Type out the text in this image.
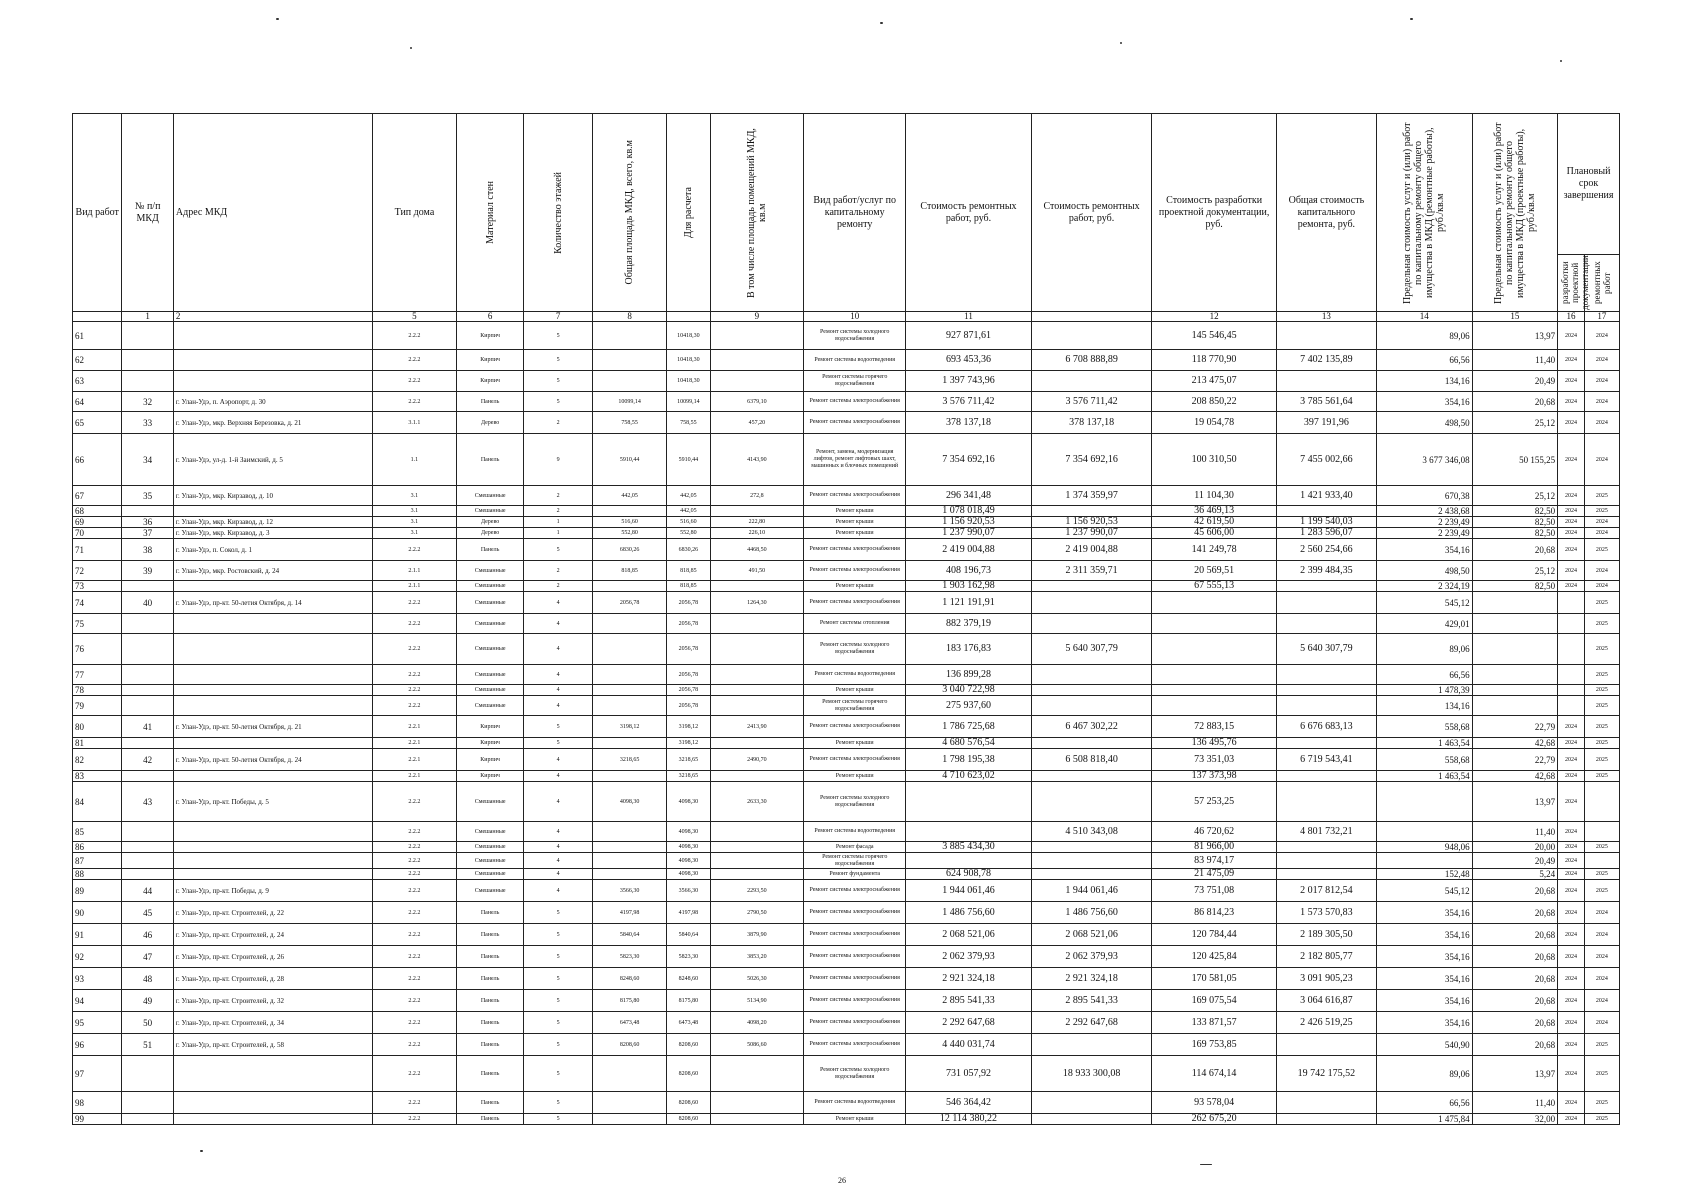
Вид работ	№ п/п МКД	Адрес МКД	Тип дома	Материал стен	Количество этажей	Общая площадь МКД, всего, кв.м	Для расчета	В том числе площадь помещений МКД, кв.м	Вид работ/услуг по капитальному ремонту	Стоимость ремонтных работ, руб.	Стоимость ремонтных работ, руб.	Стоимость разработки проектной документации, руб.	Общая стоимость капитального ремонта, руб.	Предельная стоимость услуг и (или) работ по капитальному ремонту общего имущества в МКД (ремонтные работы), руб./кв.м	Предельная стоимость услуг и (или) работ по капитальному ремонту общего имущества в МКД (проектные работы), руб./кв.м	Плановый срок завершения	

																разработки проектной документации	ремонтных работ

	1	2	5	6	7	8		9	10	11		12	13	14	15	16	17
61			2.2.2	Кирпич	5		10418,30		Ремонт системы холодного водоснабжения	927 871,61		145 546,45		89,06	13,97	2024	2024
62			2.2.2	Кирпич	5		10418,30		Ремонт системы водоотведения	693 453,36	6 708 888,89	118 770,90	7 402 135,89	66,56	11,40	2024	2024
63			2.2.2	Кирпич	5		10418,30		Ремонт системы горячего водоснабжения	1 397 743,96		213 475,07		134,16	20,49	2024	2024
64	32	г. Улан-Удэ, п. Аэропорт, д. 30	2.2.2	Панель	5	10099,14	10099,14	6379,10	Ремонт системы электроснабжения	3 576 711,42	3 576 711,42	208 850,22	3 785 561,64	354,16	20,68	2024	2024
65	33	г. Улан-Удэ, мкр. Верхняя Березовка, д. 21	3.1.1	Дерево	2	758,55	758,55	457,20	Ремонт системы электроснабжения	378 137,18	378 137,18	19 054,78	397 191,96	498,50	25,12	2024	2024
66	34	г. Улан-Удэ, ул-д. 1-й Заимский, д. 5	1.1	Панель	9	5910,44	5910,44	4143,90	Ремонт, замена, модернизация лифтов, ремонт лифтовых шахт, машинных и блочных помещений	7 354 692,16	7 354 692,16	100 310,50	7 455 002,66	3 677 346,08	50 155,25	2024	2024
67	35	г. Улан-Удэ, мкр. Кирзавод, д. 10	3.1	Смешанные	2	442,05	442,05	272,8	Ремонт системы электроснабжения	296 341,48	1 374 359,97	11 104,30	1 421 933,40	670,38	25,12	2024	2025
68			3.1	Смешанные	2		442,05		Ремонт крыши	1 078 018,49		36 469,13		2 438,68	82,50	2024	2025
69	36	г. Улан-Удэ, мкр. Кирзавод, д. 12	3.1	Дерево	1	516,60	516,60	222,80	Ремонт крыши	1 156 920,53	1 156 920,53	42 619,50	1 199 540,03	2 239,49	82,50	2024	2024
70	37	г. Улан-Удэ, мкр. Кирзавод, д. 3	3.1	Дерево	1	552,80	552,80	226,10	Ремонт крыши	1 237 990,07	1 237 990,07	45 606,00	1 283 596,07	2 239,49	82,50	2024	2024
71	38	г. Улан-Удэ, п. Сокол, д. 1	2.2.2	Панель	5	6830,26	6830,26	4468,50	Ремонт системы электроснабжения	2 419 004,88	2 419 004,88	141 249,78	2 560 254,66	354,16	20,68	2024	2025
72	39	г. Улан-Удэ, мкр. Ростовский, д. 24	2.1.1	Смешанные	2	818,85	818,85	491,50	Ремонт системы электроснабжения	408 196,73	2 311 359,71	20 569,51	2 399 484,35	498,50	25,12	2024	2024
73			2.1.1	Смешанные	2		818,85		Ремонт крыши	1 903 162,98		67 555,13		2 324,19	82,50	2024	2024
74	40	г. Улан-Удэ, пр-кт. 50-летия Октября, д. 14	2.2.2	Смешанные	4	2056,78	2056,78	1264,30	Ремонт системы электроснабжения	1 121 191,91				545,12			2025
75			2.2.2	Смешанные	4		2056,78		Ремонт системы отопления	882 379,19				429,01			2025
76			2.2.2	Смешанные	4		2056,78		Ремонт системы холодного водоснабжения	183 176,83	5 640 307,79		5 640 307,79	89,06			2025
77			2.2.2	Смешанные	4		2056,78		Ремонт системы водоотведения	136 899,28				66,56			2025
78			2.2.2	Смешанные	4		2056,78		Ремонт крыши	3 040 722,98				1 478,39			2025
79			2.2.2	Смешанные	4		2056,78		Ремонт системы горячего водоснабжения	275 937,60				134,16			2025
80	41	г. Улан-Удэ, пр-кт. 50-летия Октября, д. 21	2.2.1	Кирпич	5	3198,12	3198,12	2413,90	Ремонт системы электроснабжения	1 786 725,68	6 467 302,22	72 883,15	6 676 683,13	558,68	22,79	2024	2025
81			2.2.1	Кирпич	5		3198,12		Ремонт крыши	4 680 576,54		136 495,76		1 463,54	42,68	2024	2025
82	42	г. Улан-Удэ, пр-кт. 50-летия Октября, д. 24	2.2.1	Кирпич	4	3218,65	3218,65	2490,70	Ремонт системы электроснабжения	1 798 195,38	6 508 818,40	73 351,03	6 719 543,41	558,68	22,79	2024	2025
83			2.2.1	Кирпич	4		3218,65		Ремонт крыши	4 710 623,02		137 373,98		1 463,54	42,68	2024	2025
84	43	г. Улан-Удэ, пр-кт. Победы, д. 5	2.2.2	Смешанные	4	4098,30	4098,30	2633,30	Ремонт системы холодного водоснабжения			57 253,25			13,97	2024	
85			2.2.2	Смешанные	4		4098,30		Ремонт системы водоотведения		4 510 343,08	46 720,62	4 801 732,21		11,40	2024	
86			2.2.2	Смешанные	4		4098,30		Ремонт фасада	3 885 434,30		81 966,00		948,06	20,00	2024	2025
87			2.2.2	Смешанные	4		4098,30		Ремонт системы горячего водоснабжения			83 974,17			20,49	2024	
88			2.2.2	Смешанные	4		4098,30		Ремонт фундамента	624 908,78		21 475,09		152,48	5,24	2024	2025
89	44	г. Улан-Удэ, пр-кт. Победы, д. 9	2.2.2	Смешанные	4	3566,30	3566,30	2293,50	Ремонт системы электроснабжения	1 944 061,46	1 944 061,46	73 751,08	2 017 812,54	545,12	20,68	2024	2025
90	45	г. Улан-Удэ, пр-кт. Строителей, д. 22	2.2.2	Панель	5	4197,98	4197,98	2790,50	Ремонт системы электроснабжения	1 486 756,60	1 486 756,60	86 814,23	1 573 570,83	354,16	20,68	2024	2024
91	46	г. Улан-Удэ, пр-кт. Строителей, д. 24	2.2.2	Панель	5	5840,64	5840,64	3879,90	Ремонт системы электроснабжения	2 068 521,06	2 068 521,06	120 784,44	2 189 305,50	354,16	20,68	2024	2024
92	47	г. Улан-Удэ, пр-кт. Строителей, д. 26	2.2.2	Панель	5	5823,30	5823,30	3853,20	Ремонт системы электроснабжения	2 062 379,93	2 062 379,93	120 425,84	2 182 805,77	354,16	20,68	2024	2024
93	48	г. Улан-Удэ, пр-кт. Строителей, д. 28	2.2.2	Панель	5	8248,60	8248,60	5026,30	Ремонт системы электроснабжения	2 921 324,18	2 921 324,18	170 581,05	3 091 905,23	354,16	20,68	2024	2024
94	49	г. Улан-Удэ, пр-кт. Строителей, д. 32	2.2.2	Панель	5	8175,80	8175,80	5134,90	Ремонт системы электроснабжения	2 895 541,33	2 895 541,33	169 075,54	3 064 616,87	354,16	20,68	2024	2024
95	50	г. Улан-Удэ, пр-кт. Строителей, д. 34	2.2.2	Панель	5	6473,48	6473,48	4098,20	Ремонт системы электроснабжения	2 292 647,68	2 292 647,68	133 871,57	2 426 519,25	354,16	20,68	2024	2024
96	51	г. Улан-Удэ, пр-кт. Строителей, д. 58	2.2.2	Панель	5	8208,60	8208,60	5086,60	Ремонт системы электроснабжения	4 440 031,74		169 753,85		540,90	20,68	2024	2025
97			2.2.2	Панель	5		8208,60		Ремонт системы холодного водоснабжения	731 057,92	18 933 300,08	114 674,14	19 742 175,52	89,06	13,97	2024	2025
98			2.2.2	Панель	5		8208,60		Ремонт системы водоотведения	546 364,42		93 578,04		66,56	11,40	2024	2025
99			2.2.2	Панель	5		8208,60		Ремонт крыши	12 114 380,22		262 675,20		1 475,84	32,00	2024	2025
26
